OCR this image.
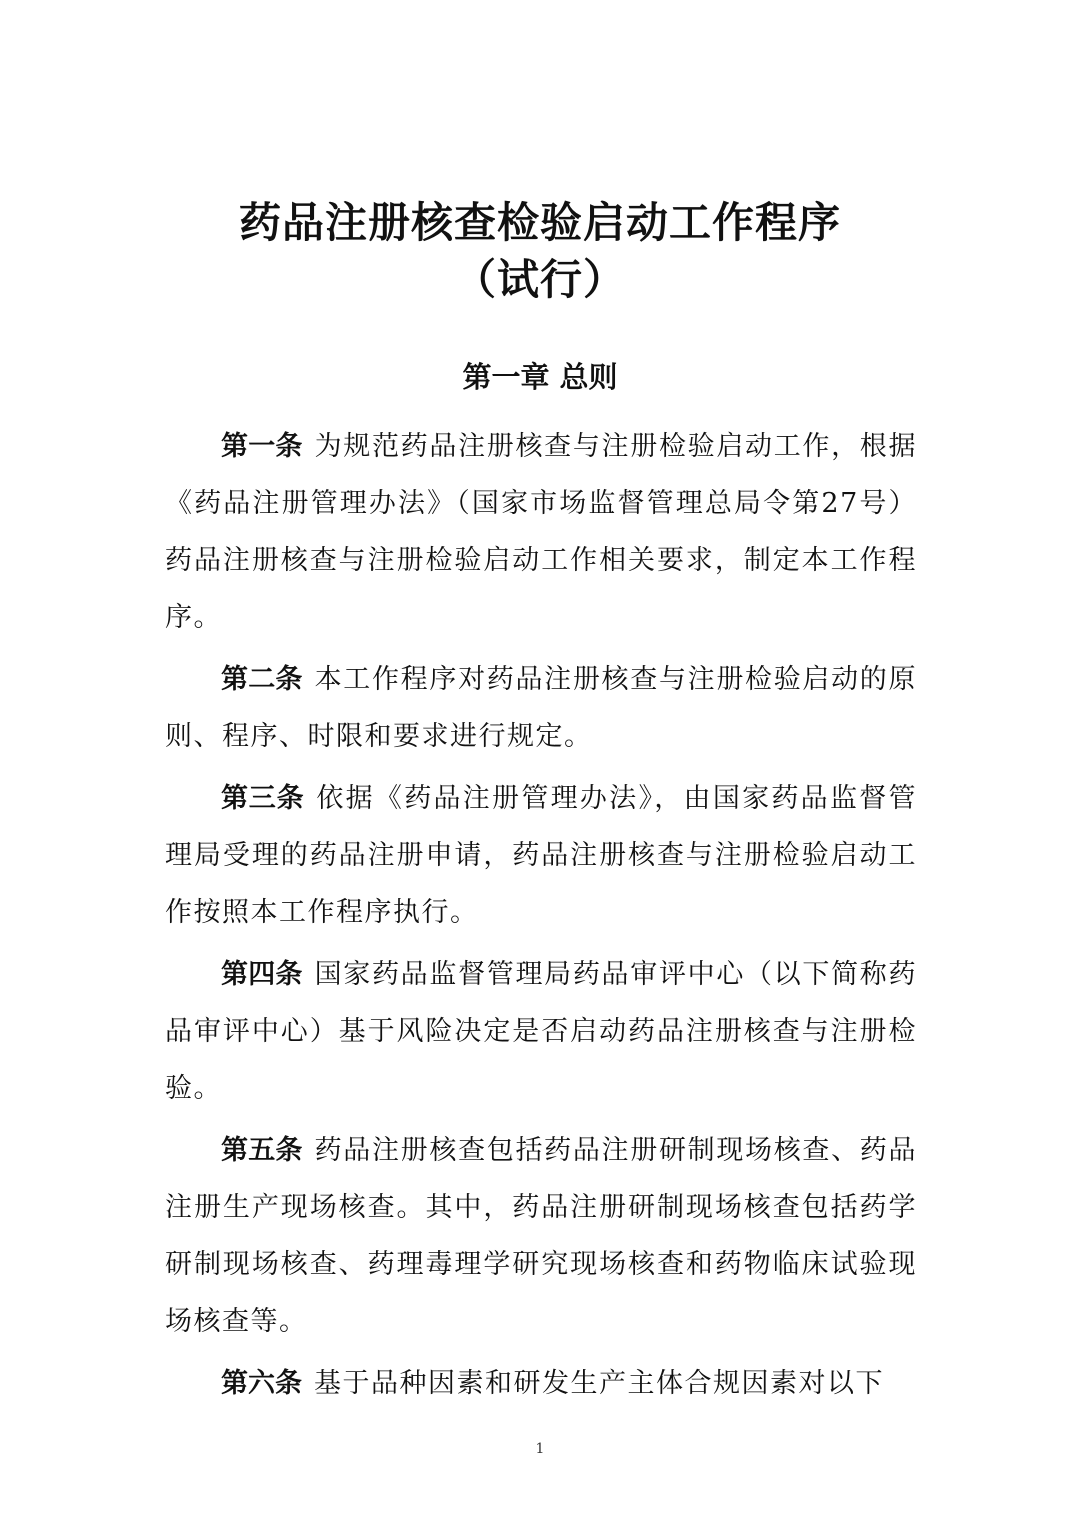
药品注册核查检验启动工作程序
（试行）
第一章 总则

第一条 为规范药品注册核查与注册检验启动工作，根据《药品注册管理办法》（国家市场监督管理总局令第27号）药品注册核查与注册检验启动工作相关要求，制定本工作程序。

第二条 本工作程序对药品注册核查与注册检验启动的原则、程序、时限和要求进行规定。

第三条 依据《药品注册管理办法》，由国家药品监督管理局受理的药品注册申请，药品注册核查与注册检验启动工作按照本工作程序执行。

第四条 国家药品监督管理局药品审评中心（以下简称药品审评中心）基于风险决定是否启动药品注册核查与注册检验。

第五条 药品注册核查包括药品注册研制现场核查、药品注册生产现场核查。其中，药品注册研制现场核查包括药学研制现场核查、药理毒理学研究现场核查和药物临床试验现场核查等。

第六条 基于品种因素和研发生产主体合规因素对以下

1
